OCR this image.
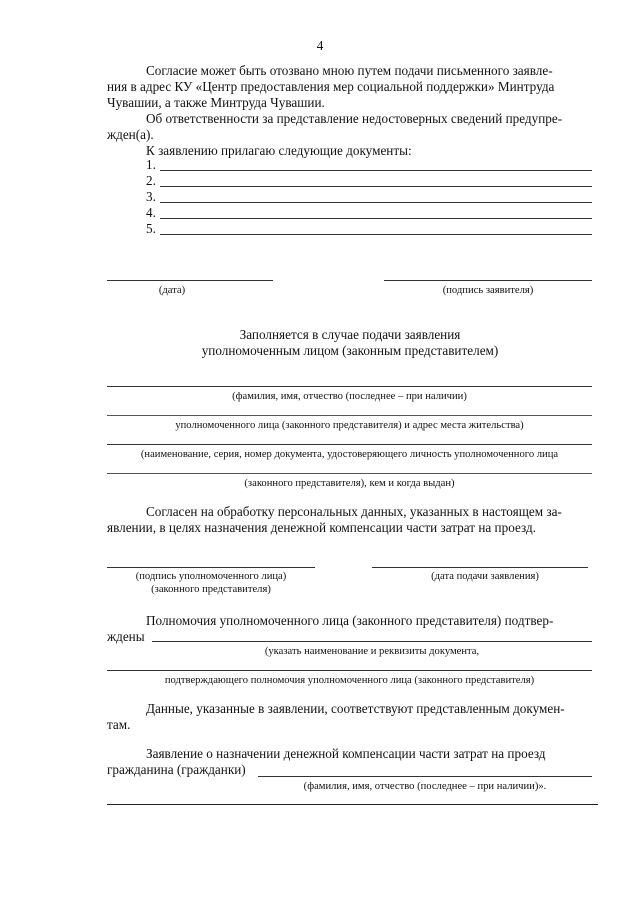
4
Согласие может быть отозвано мною путем подачи письменного заявле-
ния в адрес КУ «Центр предоставления мер социальной поддержки» Минтруда
Чувашии, а также Минтруда Чувашии.
Об ответственности за представление недостоверных сведений предупре-
жден(а).
К заявлению прилагаю следующие документы:
1.
2.
3.
4.
5.
(дата)	(подпись заявителя)
Заполняется в случае подачи заявления
уполномоченным лицом (законным представителем)
(фамилия, имя, отчество (последнее – при наличии)
уполномоченного лица (законного представителя) и адрес места жительства)
(наименование, серия, номер документа, удостоверяющего личность уполномоченного лица
(законного представителя), кем и когда выдан)
Согласен на обработку персональных данных, указанных в настоящем за-
явлении, в целях назначения денежной компенсации части затрат на проезд.
(подпись уполномоченного лица)
(законного представителя)
(дата подачи заявления)
Полномочия уполномоченного лица (законного представителя) подтвер-
ждены
(указать наименование и реквизиты документа,
подтверждающего полномочия уполномоченного лица (законного представителя)
Данные, указанные в заявлении, соответствуют представленным докумен-
там.
Заявление о назначении денежной компенсации части затрат на проезд
гражданина (гражданки)
(фамилия, имя, отчество (последнее – при наличии)».
